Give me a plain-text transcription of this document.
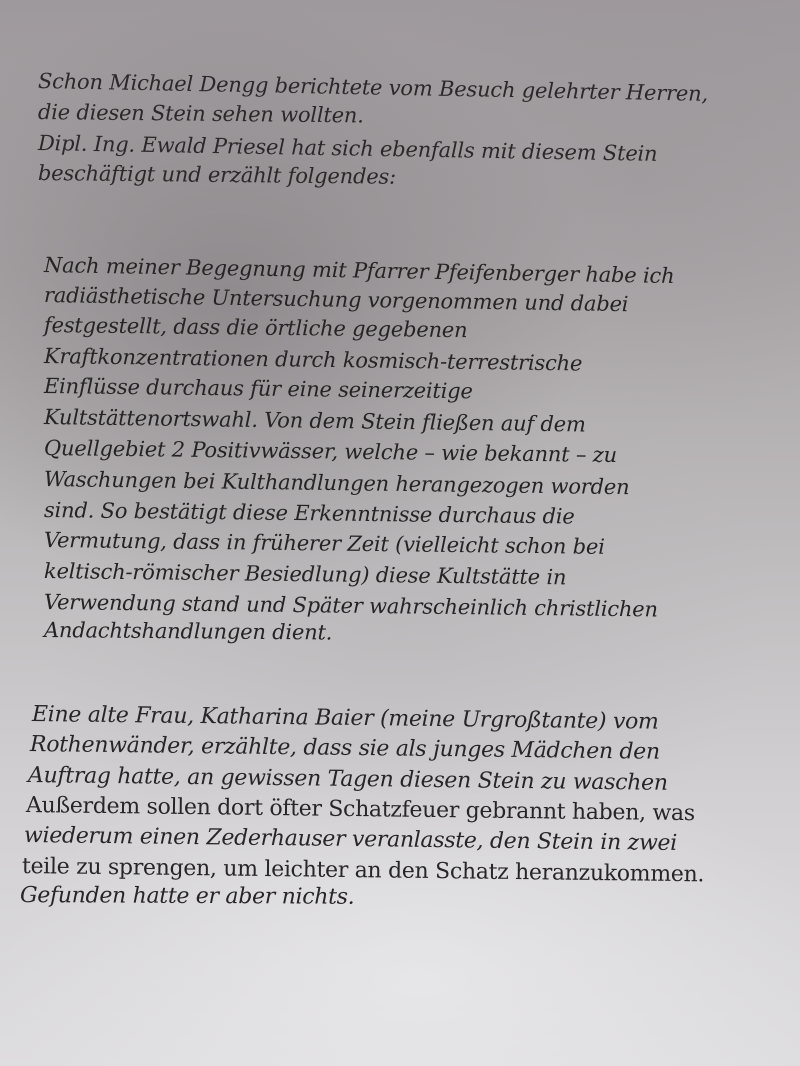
Schon Michael Dengg berichtete vom Besuch gelehrter Herren,
die diesen Stein sehen wollten.
Dipl. Ing. Ewald Priesel hat sich ebenfalls mit diesem Stein
beschäftigt und erzählt folgendes:
Nach meiner Begegnung mit Pfarrer Pfeifenberger habe ich
radiästhetische Untersuchung vorgenommen und dabei
festgestellt, dass die örtliche gegebenen
Kraftkonzentrationen durch kosmisch-terrestrische
Einflüsse durchaus für eine seinerzeitige
Kultstättenortswahl. Von dem Stein fließen auf dem
Quellgebiet 2 Positivwässer, welche – wie bekannt – zu
Waschungen bei Kulthandlungen herangezogen worden
sind. So bestätigt diese Erkenntnisse durchaus die
Vermutung, dass in früherer Zeit (vielleicht schon bei
keltisch-römischer Besiedlung) diese Kultstätte in
Verwendung stand und Später wahrscheinlich christlichen
Andachtshandlungen dient.
Eine alte Frau, Katharina Baier (meine Urgroßtante) vom
Rothenwänder, erzählte, dass sie als junges Mädchen den
Auftrag hatte, an gewissen Tagen diesen Stein zu waschen
Außerdem sollen dort öfter Schatzfeuer gebrannt haben, was
wiederum einen Zederhauser veranlasste, den Stein in zwei
teile zu sprengen, um leichter an den Schatz heranzukommen.
Gefunden hatte er aber nichts.
